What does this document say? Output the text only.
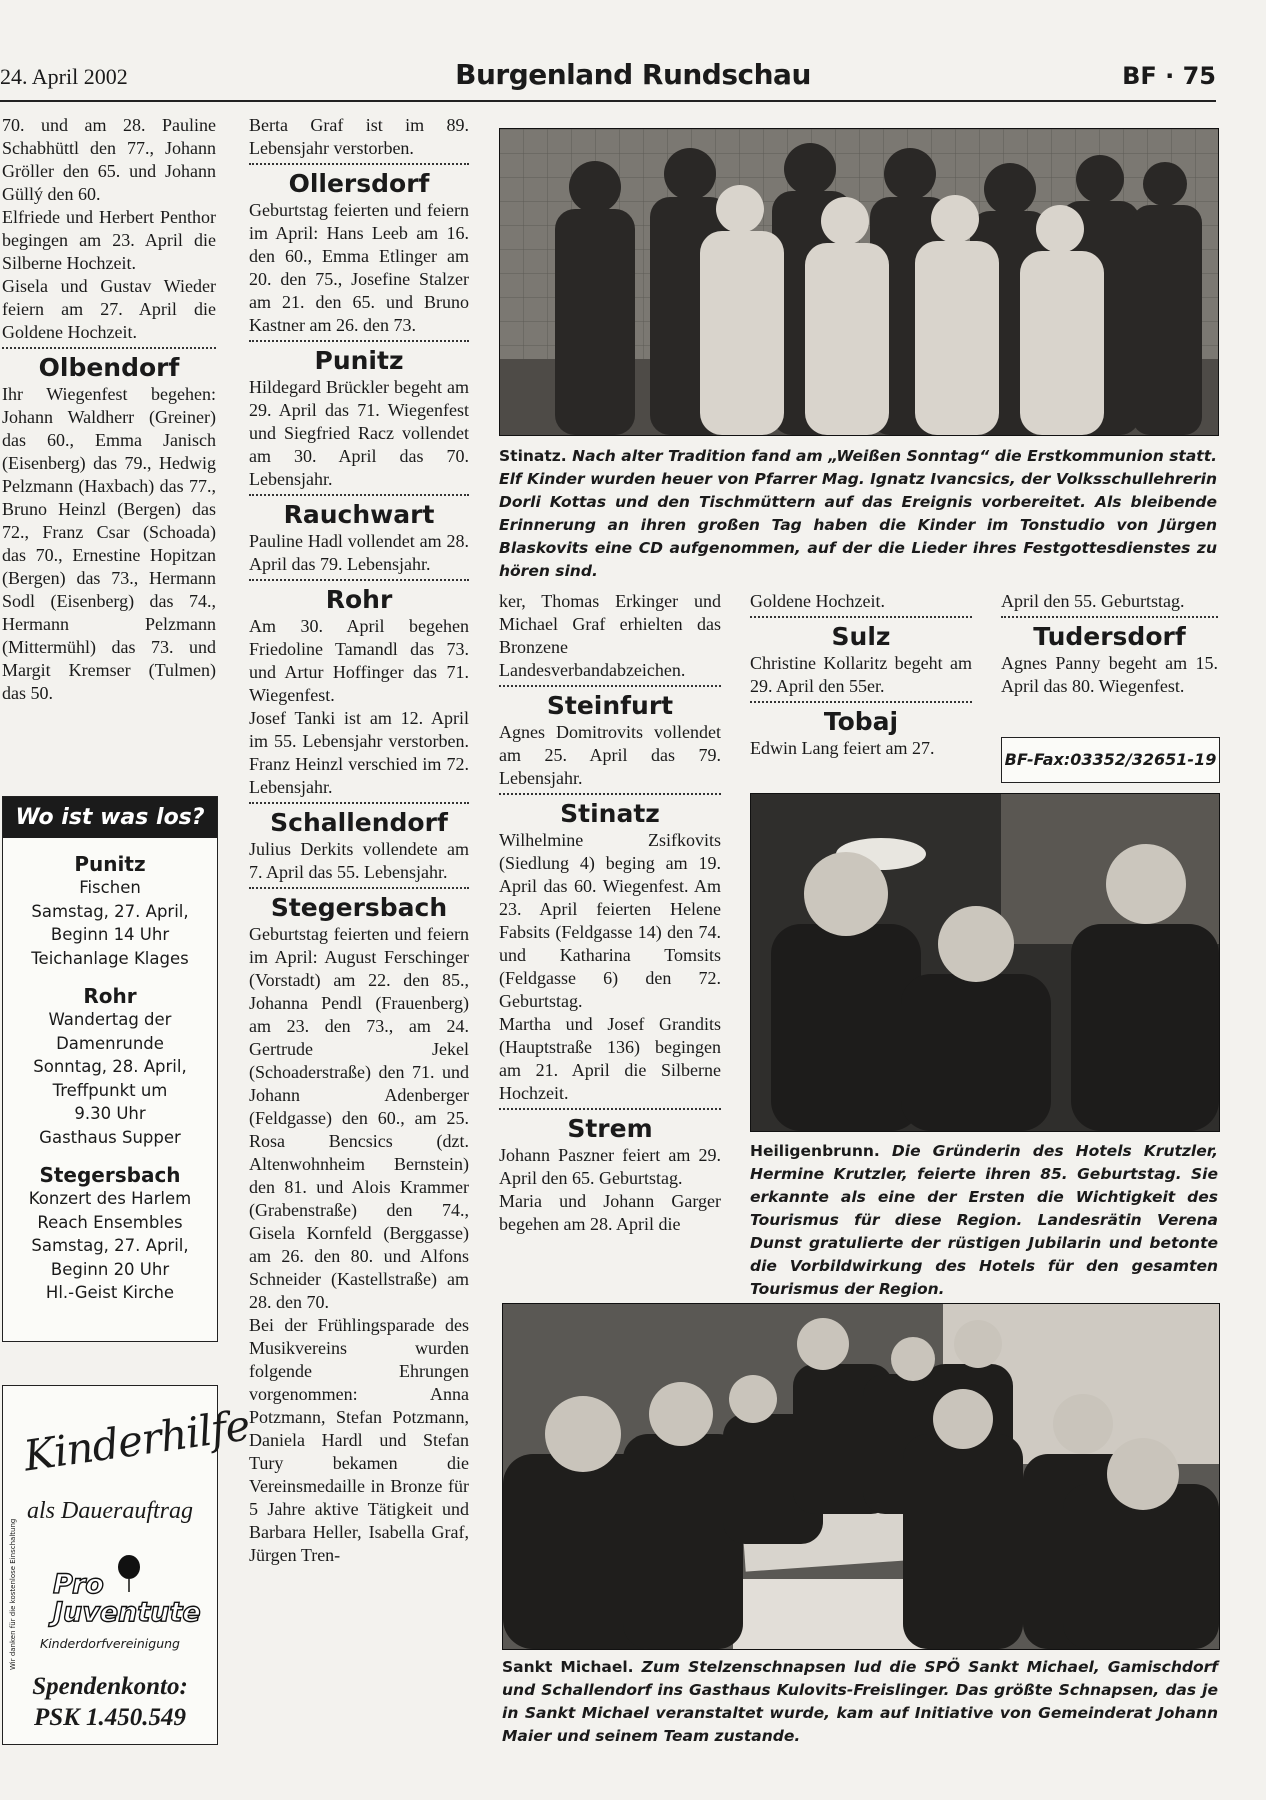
24. April 2002	Burgenland Rundschau	BF · 75

70. und am 28. Pauline Schabhüttl den 77., Johann Gröller den 65. und Johann Güllý den 60.

Elfriede und Herbert Penthor begingen am 23. April die Silberne Hochzeit.

Gisela und Gustav Wieder feiern am 27. April die Goldene Hochzeit.

Olbendorf

Ihr Wiegenfest begehen: Johann Waldherr (Greiner) das 60., Emma Janisch (Eisenberg) das 79., Hedwig Pelzmann (Haxbach) das 77., Bruno Heinzl (Bergen) das 72., Franz Csar (Schoada) das 70., Ernestine Hopitzan (Bergen) das 73., Hermann Sodl (Eisenberg) das 74., Hermann Pelzmann (Mittermühl) das 73. und Margit Kremser (Tulmen) das 50.

Wo ist was los?
Punitz
Fischen
Samstag, 27. April,
Beginn 14 Uhr
Teichanlage Klages
Rohr
Wandertag der
Damenrunde
Sonntag, 28. April,
Treffpunkt um
9.30 Uhr
Gasthaus Supper
Stegersbach
Konzert des Harlem
Reach Ensembles
Samstag, 27. April,
Beginn 20 Uhr
Hl.-Geist Kirche
Wir danken für die kostenlose Einschaltung
Kinderhilfe
als Dauerauftrag
Pro
Juventute
Kinderdorfvereinigung
Spendenkonto:
PSK 1.450.549

Berta Graf ist im 89. Lebensjahr verstorben.

Ollersdorf

Geburtstag feierten und feiern im April: Hans Leeb am 16. den 60., Emma Etlinger am 20. den 75., Josefine Stalzer am 21. den 65. und Bruno Kastner am 26. den 73.

Punitz

Hildegard Brückler begeht am 29. April das 71. Wiegenfest und Siegfried Racz vollendet am 30. April das 70. Lebensjahr.

Rauchwart

Pauline Hadl vollendet am 28. April das 79. Lebensjahr.

Rohr

Am 30. April begehen Friedoline Tamandl das 73. und Artur Hoffinger das 71. Wiegenfest.

Josef Tanki ist am 12. April im 55. Lebensjahr verstorben. Franz Heinzl verschied im 72. Lebensjahr.

Schallendorf

Julius Derkits vollendete am 7. April das 55. Lebensjahr.

Stegersbach

Geburtstag feierten und feiern im April: August Ferschinger (Vorstadt) am 22. den 85., Johanna Pendl (Frauenberg) am 23. den 73., am 24. Gertrude Jekel (Schoaderstraße) den 71. und Johann Adenberger (Feldgasse) den 60., am 25. Rosa Bencsics (dzt. Altenwohnheim Bernstein) den 81. und Alois Krammer (Grabenstraße) den 74., Gisela Kornfeld (Berggasse) am 26. den 80. und Alfons Schneider (Kastellstraße) am 28. den 70.

Bei der Frühlingsparade des Musikvereins wurden folgende Ehrungen vorgenommen: Anna Potzmann, Stefan Potzmann, Daniela Hardl und Stefan Tury bekamen die Vereinsmedaille in Bronze für 5 Jahre aktive Tätigkeit und Barbara Heller, Isabella Graf, Jürgen Tren-

Stinatz. Nach alter Tradition fand am „Weißen Sonntag“ die Erstkommunion statt. Elf Kinder wurden heuer von Pfarrer Mag. Ignatz Ivancsics, der Volksschullehrerin Dorli Kottas und den Tischmüttern auf das Ereignis vorbereitet. Als bleibende Erinnerung an ihren großen Tag haben die Kinder im Tonstudio von Jürgen Blaskovits eine CD aufgenommen, auf der die Lieder ihres Festgottesdienstes zu hören sind.

ker, Thomas Erkinger und Michael Graf erhielten das Bronzene Landesverbandabzeichen.

Steinfurt

Agnes Domitrovits vollendet am 25. April das 79. Lebensjahr.

Stinatz

Wilhelmine Zsifkovits (Siedlung 4) beging am 19. April das 60. Wiegenfest. Am 23. April feierten Helene Fabsits (Feldgasse 14) den 74. und Katharina Tomsits (Feldgasse 6) den 72. Geburtstag.

Martha und Josef Grandits (Hauptstraße 136) begingen am 21. April die Silberne Hochzeit.

Strem

Johann Paszner feiert am 29. April den 65. Geburtstag.

Maria und Johann Garger begehen am 28. April die

Goldene Hochzeit.

Sulz

Christine Kollaritz begeht am 29. April den 55er.

Tobaj

Edwin Lang feiert am 27.

April den 55. Geburtstag.

Tudersdorf

Agnes Panny begeht am 15. April das 80. Wiegenfest.

BF-Fax:03352/32651-19
Heiligenbrunn. Die Gründerin des Hotels Krutzler, Hermine Krutzler, feierte ihren 85. Geburtstag. Sie erkannte als eine der Ersten die Wichtigkeit des Tourismus für diese Region. Landesrätin Verena Dunst gratulierte der rüstigen Jubilarin und betonte die Vorbildwirkung des Hotels für den gesamten Tourismus der Region.
Sankt Michael. Zum Stelzenschnapsen lud die SPÖ Sankt Michael, Gamischdorf und Schallendorf ins Gasthaus Kulovits-Freislinger. Das größte Schnapsen, das je in Sankt Michael veranstaltet wurde, kam auf Initiative von Gemeinderat Johann Maier und seinem Team zustande.
